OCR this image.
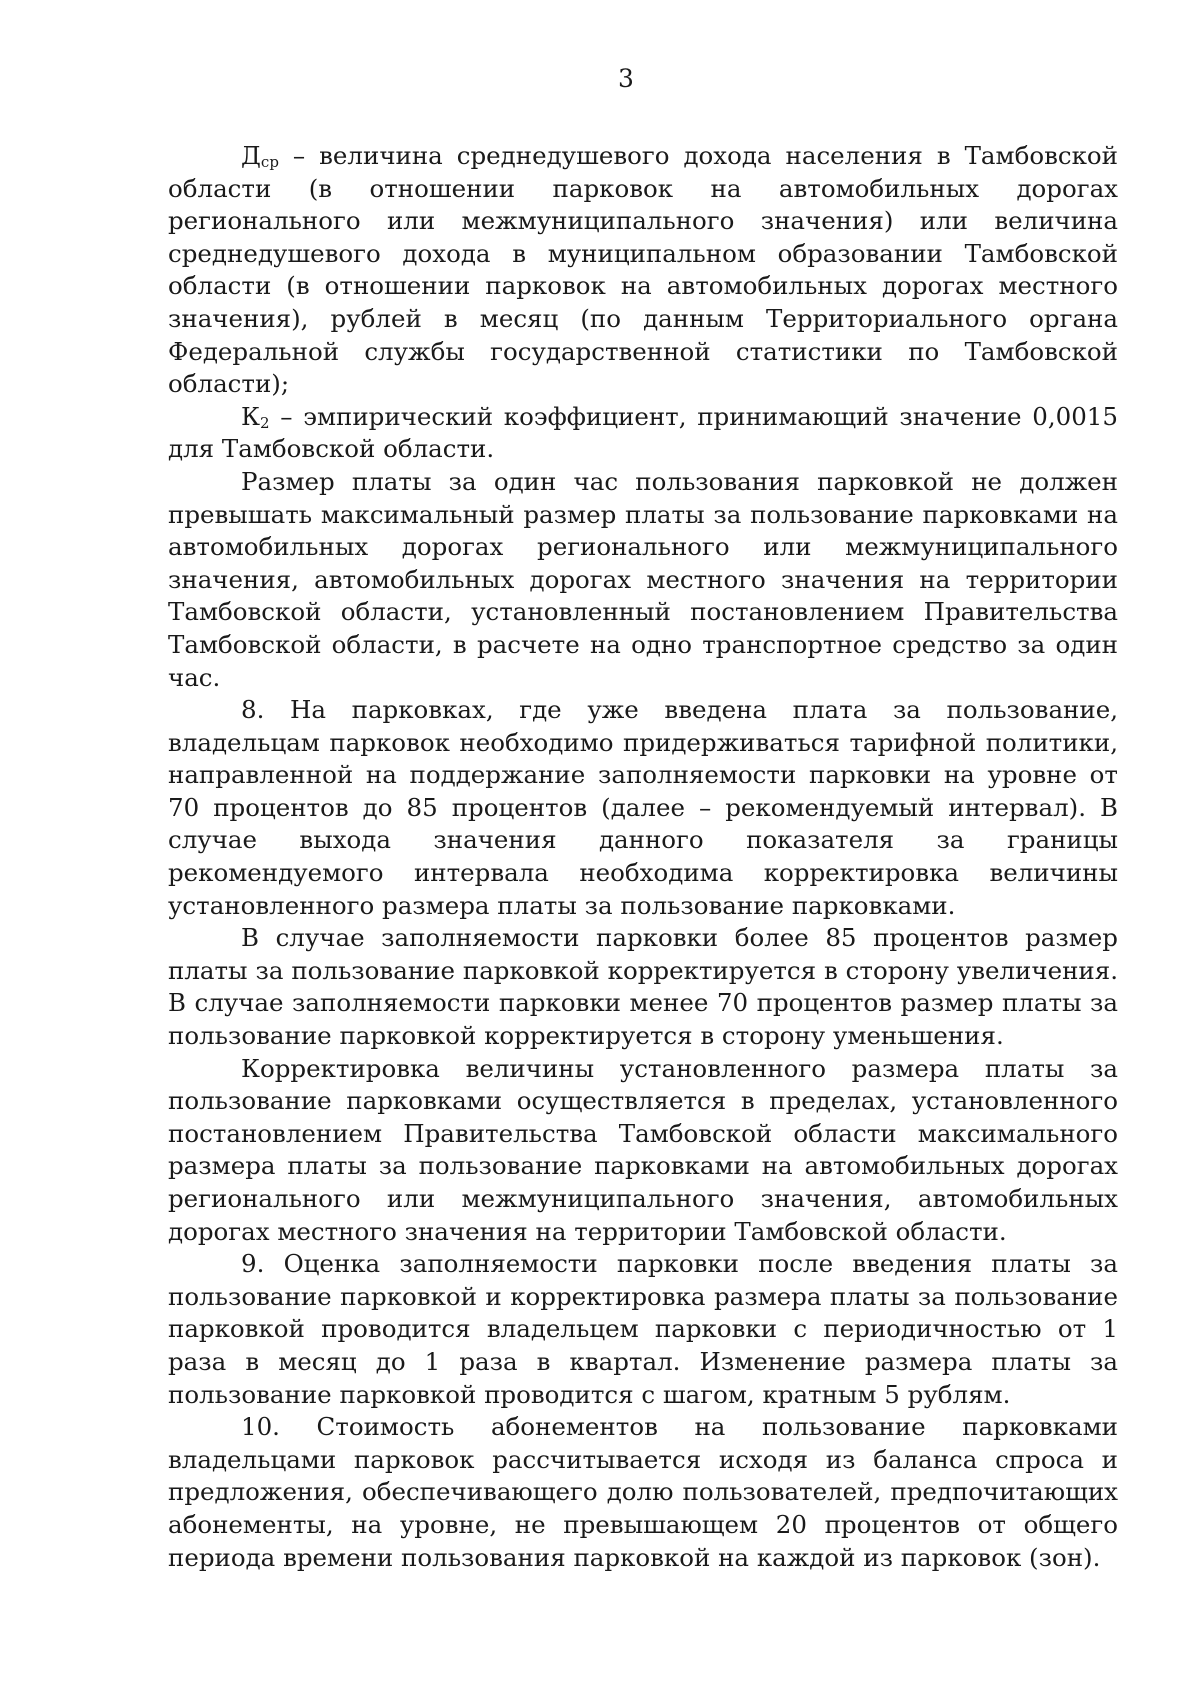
3

Дср – величина среднедушевого дохода населения в Тамбовской области (в отношении парковок на автомобильных дорогах регионального или межмуниципального значения) или величина среднедушевого дохода в муниципальном образовании Тамбовской области (в отношении парковок на автомобильных дорогах местного значения), рублей в месяц (по данным Территориального органа Федеральной службы государственной статистики по Тамбовской области);

К2 – эмпирический коэффициент, принимающий значение 0,0015 для Тамбовской области.

Размер платы за один час пользования парковкой не должен превышать максимальный размер платы за пользование парковками на автомобильных дорогах регионального или межмуниципального значения, автомобильных дорогах местного значения на территории Тамбовской области, установленный постановлением Правительства Тамбовской области, в расчете на одно транспортное средство за один час.

8. На парковках, где уже введена плата за пользование, владельцам парковок необходимо придерживаться тарифной политики, направленной на поддержание заполняемости парковки на уровне от 70 процентов до 85 процентов (далее – рекомендуемый интервал). В случае выхода значения данного показателя за границы рекомендуемого интервала необходима корректировка величины установленного размера платы за пользование парковками.

В случае заполняемости парковки более 85 процентов размер платы за пользование парковкой корректируется в сторону увеличения. В случае заполняемости парковки менее 70 процентов размер платы за пользование парковкой корректируется в сторону уменьшения.

Корректировка величины установленного размера платы за пользование парковками осуществляется в пределах, установленного постановлением Правительства Тамбовской области максимального размера платы за пользование парковками на автомобильных дорогах регионального или межмуниципального значения, автомобильных дорогах местного значения на территории Тамбовской области.

9. Оценка заполняемости парковки после введения платы за пользование парковкой и корректировка размера платы за пользование парковкой проводится владельцем парковки с периодичностью от 1 раза в месяц до 1 раза в квартал. Изменение размера платы за пользование парковкой проводится с шагом, кратным 5 рублям.

10. Стоимость абонементов на пользование парковками владельцами парковок рассчитывается исходя из баланса спроса и предложения, обеспечивающего долю пользователей, предпочитающих абонементы, на уровне, не превышающем 20 процентов от общего периода времени пользования парковкой на каждой из парковок (зон).
